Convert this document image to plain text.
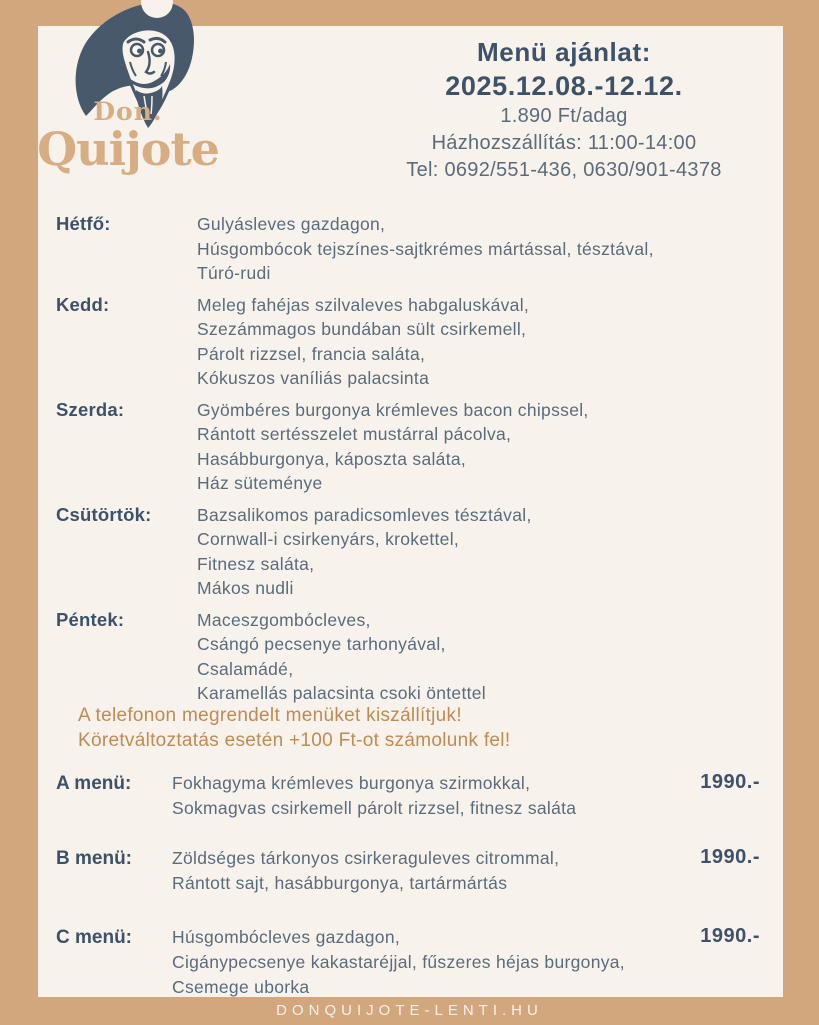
Don.
Quijote
Menü ajánlat:
2025.12.08.-12.12.
1.890 Ft/adag
Házhozszállítás: 11:00-14:00
Tel: 0692/551-436, 0630/901-4378
Hétfő:	Gulyásleves gazdagon,
Húsgombócok tejszínes-sajtkrémes mártással, tésztával,
Túró-rudi
Kedd:	Meleg fahéjas szilvaleves habgaluskával,
Szezámmagos bundában sült csirkemell,
Párolt rizzsel, francia saláta,
Kókuszos vaníliás palacsinta
Szerda:	Gyömbéres burgonya krémleves bacon chipssel,
Rántott sertésszelet mustárral pácolva,
Hasábburgonya, káposzta saláta,
Ház süteménye
Csütörtök:	Bazsalikomos paradicsomleves tésztával,
Cornwall-i csirkenyárs, krokettel,
Fitnesz saláta,
Mákos nudli
Péntek:	Maceszgombócleves,
Csángó pecsenye tarhonyával,
Csalamádé,
Karamellás palacsinta csoki öntettel
A telefonon megrendelt menüket kiszállítjuk!
Köretváltoztatás esetén +100 Ft-ot számolunk fel!
A menü:	Fokhagyma krémleves burgonya szirmokkal,
Sokmagvas csirkemell párolt rizzsel, fitnesz saláta
1990.-
B menü:	Zöldséges tárkonyos csirkeraguleves citrommal,
Rántott sajt, hasábburgonya, tartármártás
1990.-
C menü:	Húsgombócleves gazdagon,
Cigánypecsenye kakastaréjjal, fűszeres héjas burgonya,
Csemege uborka
1990.-
DONQUIJOTE-LENTI.HU
